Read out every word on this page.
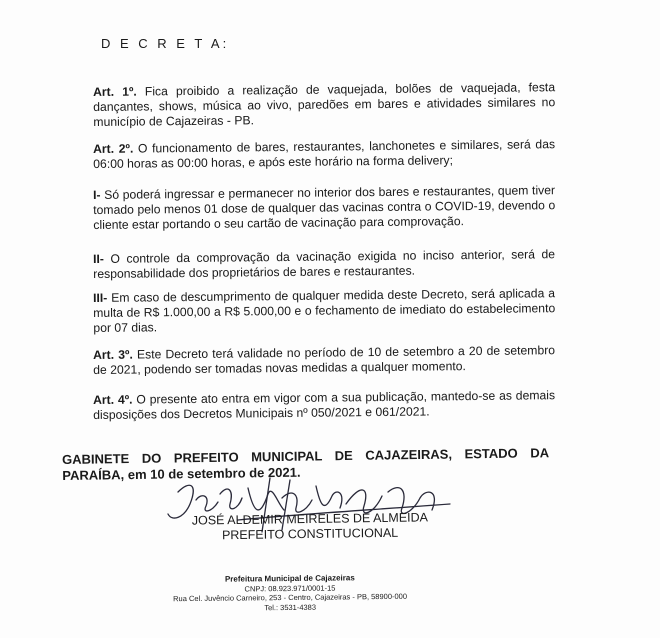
D E C R E T A:

Art. 1º. Fica proibido a realização de vaquejada, bolões de vaquejada, festa dançantes, shows, música ao vivo, paredões em bares e atividades similares no município de Cajazeiras - PB.

Art. 2º. O funcionamento de bares, restaurantes, lanchonetes e similares, será das 06:00 horas as 00:00 horas, e após este horário na forma delivery;

I- Só poderá ingressar e permanecer no interior dos bares e restaurantes, quem tiver tomado pelo menos 01 dose de qualquer das vacinas contra o COVID-19, devendo o cliente estar portando o seu cartão de vacinação para comprovação.

II- O controle da comprovação da vacinação exigida no inciso anterior, será de responsabilidade dos proprietários de bares e restaurantes.

III- Em caso de descumprimento de qualquer medida deste Decreto, será aplicada a multa de R$ 1.000,00 a R$ 5.000,00 e o fechamento de imediato do estabelecimento por 07 dias.

Art. 3º. Este Decreto terá validade no período de 10 de setembro a 20 de setembro de 2021, podendo ser tomadas novas medidas a qualquer momento.

Art. 4º. O presente ato entra em vigor com a sua publicação, mantedo-se as demais disposições dos Decretos Municipais nº 050/2021 e 061/2021.

GABINETE DO PREFEITO MUNICIPAL DE CAJAZEIRAS, ESTADO DA PARAÍBA, em 10 de setembro de 2021.

JOSÉ ALDEMIR MEIRELES DE ALMEIDA
PREFEITO CONSTITUCIONAL
Prefeitura Municipal de Cajazeiras
CNPJ: 08.923.971/0001-15
Rua Cel. Juvêncio Carneiro, 253 - Centro, Cajazeiras - PB, 58900-000
Tel.: 3531-4383
